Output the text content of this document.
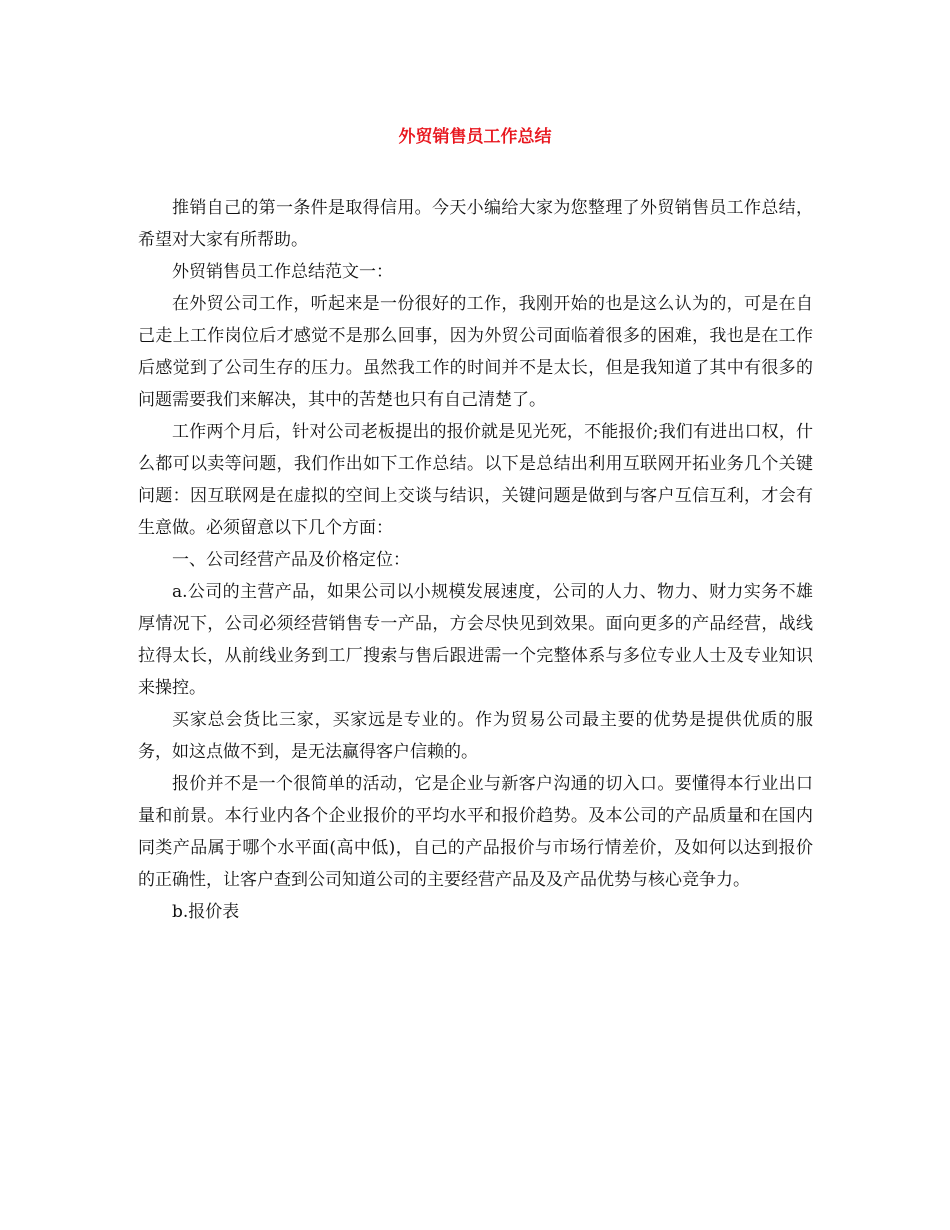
外贸销售员工作总结

推销自己的第一条件是取得信用。今天小编给大家为您整理了外贸销售员工作总结，希望对大家有所帮助。

外贸销售员工作总结范文一：

在外贸公司工作，听起来是一份很好的工作，我刚开始的也是这么认为的，可是在自己走上工作岗位后才感觉不是那么回事，因为外贸公司面临着很多的困难，我也是在工作后感觉到了公司生存的压力。虽然我工作的时间并不是太长，但是我知道了其中有很多的问题需要我们来解决，其中的苦楚也只有自己清楚了。

工作两个月后，针对公司老板提出的报价就是见光死，不能报价;我们有进出口权，什么都可以卖等问题，我们作出如下工作总结。以下是总结出利用互联网开拓业务几个关键问题：因互联网是在虚拟的空间上交谈与结识，关键问题是做到与客户互信互利，才会有生意做。必须留意以下几个方面：

一、公司经营产品及价格定位：

a.公司的主营产品，如果公司以小规模发展速度，公司的人力、物力、财力实务不雄厚情况下，公司必须经营销售专一产品，方会尽快见到效果。面向更多的产品经营，战线拉得太长，从前线业务到工厂搜索与售后跟进需一个完整体系与多位专业人士及专业知识来操控。

买家总会货比三家，买家远是专业的。作为贸易公司最主要的优势是提供优质的服务，如这点做不到，是无法赢得客户信赖的。

报价并不是一个很简单的活动，它是企业与新客户沟通的切入口。要懂得本行业出口量和前景。本行业内各个企业报价的平均水平和报价趋势。及本公司的产品质量和在国内同类产品属于哪个水平面(高中低)，自己的产品报价与市场行情差价，及如何以达到报价的正确性，让客户查到公司知道公司的主要经营产品及及产品优势与核心竞争力。

b.报价表
